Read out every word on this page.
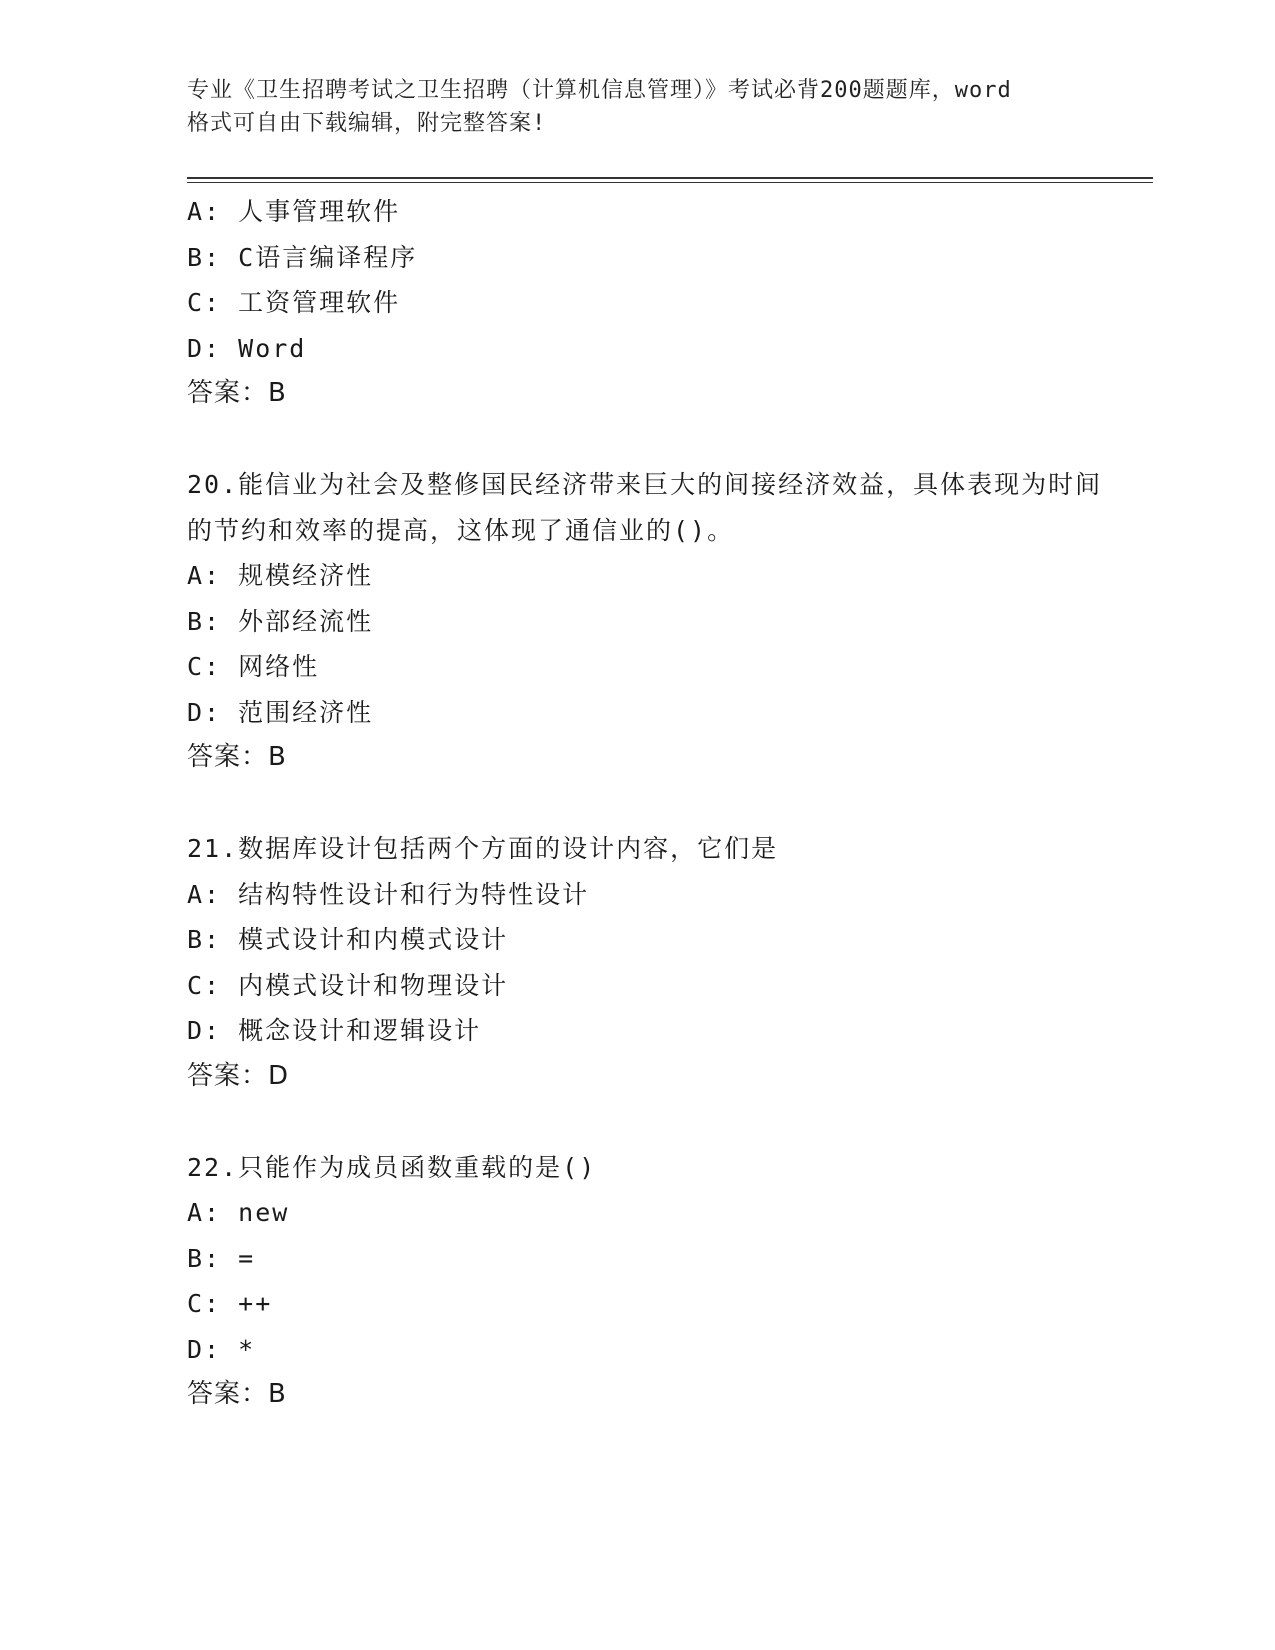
专业《卫生招聘考试之卫生招聘（计算机信息管理）》考试必背200题题库，word
格式可自由下载编辑，附完整答案!
A: 人事管理软件
B: C语言编译程序
C: 工资管理软件
D: Word
答案：B
20.能信业为社会及整修国民经济带来巨大的间接经济效益，具体表现为时间的节约和效率的提高，这体现了通信业的()。
A: 规模经济性
B: 外部经流性
C: 网络性
D: 范围经济性
答案：B
21.数据库设计包括两个方面的设计内容，它们是
A: 结构特性设计和行为特性设计
B: 模式设计和内模式设计
C: 内模式设计和物理设计
D: 概念设计和逻辑设计
答案：D
22.只能作为成员函数重载的是()
A: new
B: =
C: ++
D: *
答案：B
